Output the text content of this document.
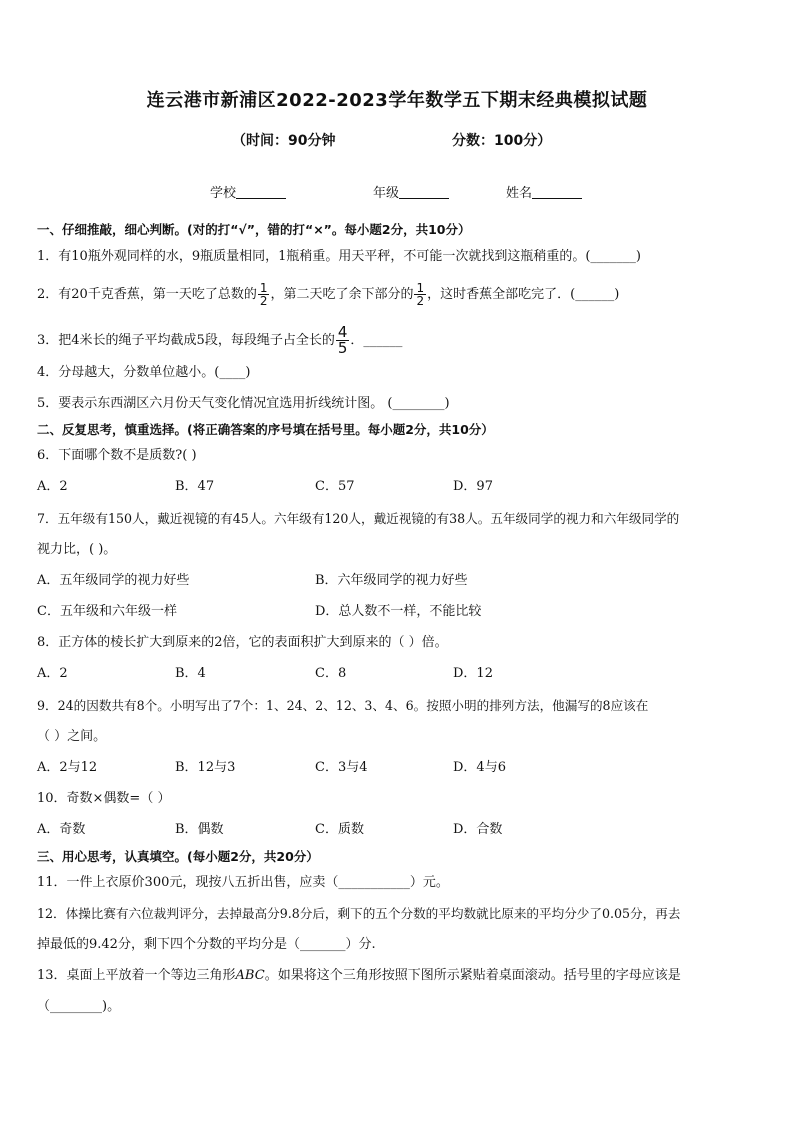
连云港市新浦区2022-2023学年数学五下期末经典模拟试题
（时间：90分钟	分数：100分）
学校	年级	姓名
一、仔细推敲，细心判断。(对的打“√”，错的打“×”。每小题2分，共10分）
1．有10瓶外观同样的水，9瓶质量相同，1瓶稍重。用天平秤，不可能一次就找到这瓶稍重的。(_______)
2．有20千克香蕉，第一天吃了总数的 $\frac{1}{2}$ ，第二天吃了余下部分的 $\frac{1}{2}$ ，这时香蕉全部吃完了．(______)
3．把4米长的绳子平均截成5段，每段绳子占全长的 $\frac{4}{5}$ ．______
4．分母越大，分数单位越小。(____)
5．要表示东西湖区六月份天气变化情况宜选用折线统计图。 (________)
二、反复思考，慎重选择。(将正确答案的序号填在括号里。每小题2分，共10分）
6．下面哪个数不是质数?( )
A．2	B．47	C．57	D．97
7．五年级有150人，戴近视镜的有45人。六年级有120人，戴近视镜的有38人。五年级同学的视力和六年级同学的
视力比，( )。
A．五年级同学的视力好些	B．六年级同学的视力好些
C．五年级和六年级一样	D．总人数不一样，不能比较
8．正方体的棱长扩大到原来的2倍，它的表面积扩大到原来的（ ）倍。
A．2	B．4	C．8	D．12
9．24的因数共有8个。小明写出了7个：1、24、2、12、3、4、6。按照小明的排列方法，他漏写的8应该在
（ ）之间。
A．2与12	B．12与3	C．3与4	D．4与6
10．奇数×偶数=（ ）
A．奇数	B．偶数	C．质数	D．合数
三、用心思考，认真填空。(每小题2分，共20分）
11．一件上衣原价300元，现按八五折出售，应卖（___________）元。
12．体操比赛有六位裁判评分，去掉最高分9.8分后，剩下的五个分数的平均数就比原来的平均分少了0.05分，再去
掉最低的9.42分，剩下四个分数的平均分是（_______）分.
13．桌面上平放着一个等边三角形ABC。如果将这个三角形按照下图所示紧贴着桌面滚动。括号里的字母应该是
（________)。
